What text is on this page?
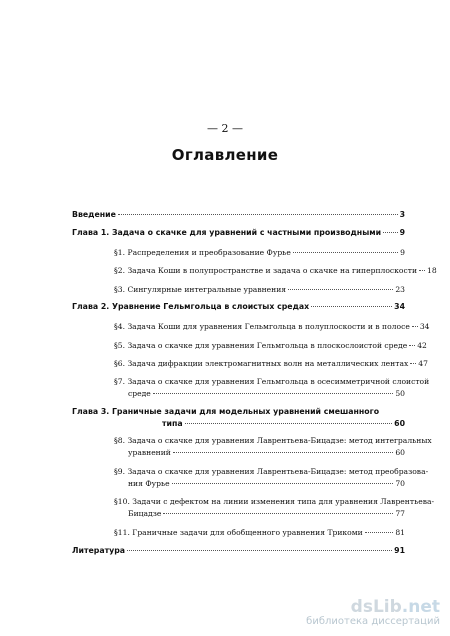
— 2 —
Оглавление
Введение	3
Глава 1. Задача о скачке для уравнений с частными производными 9
§1. Распределения и преобразование Фурье	9
§2. Задача Коши в полупространстве и задача о скачке на гиперплоскости 18
§3. Сингулярные интегральные уравнения	23
Глава 2. Уравнение Гельмгольца в слоистых средах	34
§4. Задача Коши для уравнения Гельмгольца в полуплоскости и в полосе 34
§5. Задача о скачке для уравнения Гельмгольца в плоскослоистой среде 42
§6. Задача дифракции электромагнитных волн на металлических лентах 47
§7. Задача о скачке для уравнения Гельмгольца в осесимметричной слоистой
среде	50
Глава 3. Граничные задачи для модельных уравнений смешанного
типа	60
§8. Задача о скачке для уравнения Лаврентьева-Бицадзе: метод интегральных
уравнений	60
§9. Задача о скачке для уравнения Лаврентьева-Бицадзе: метод преобразова-
ния Фурье	70
§10. Задачи с дефектом на линии изменения типа для уравнения Лаврентьева-
Бицадзе	77
§11. Граничные задачи для обобщенного уравнения Трикоми	81
Литература	91
dsLib.net
библиотека диссертаций
